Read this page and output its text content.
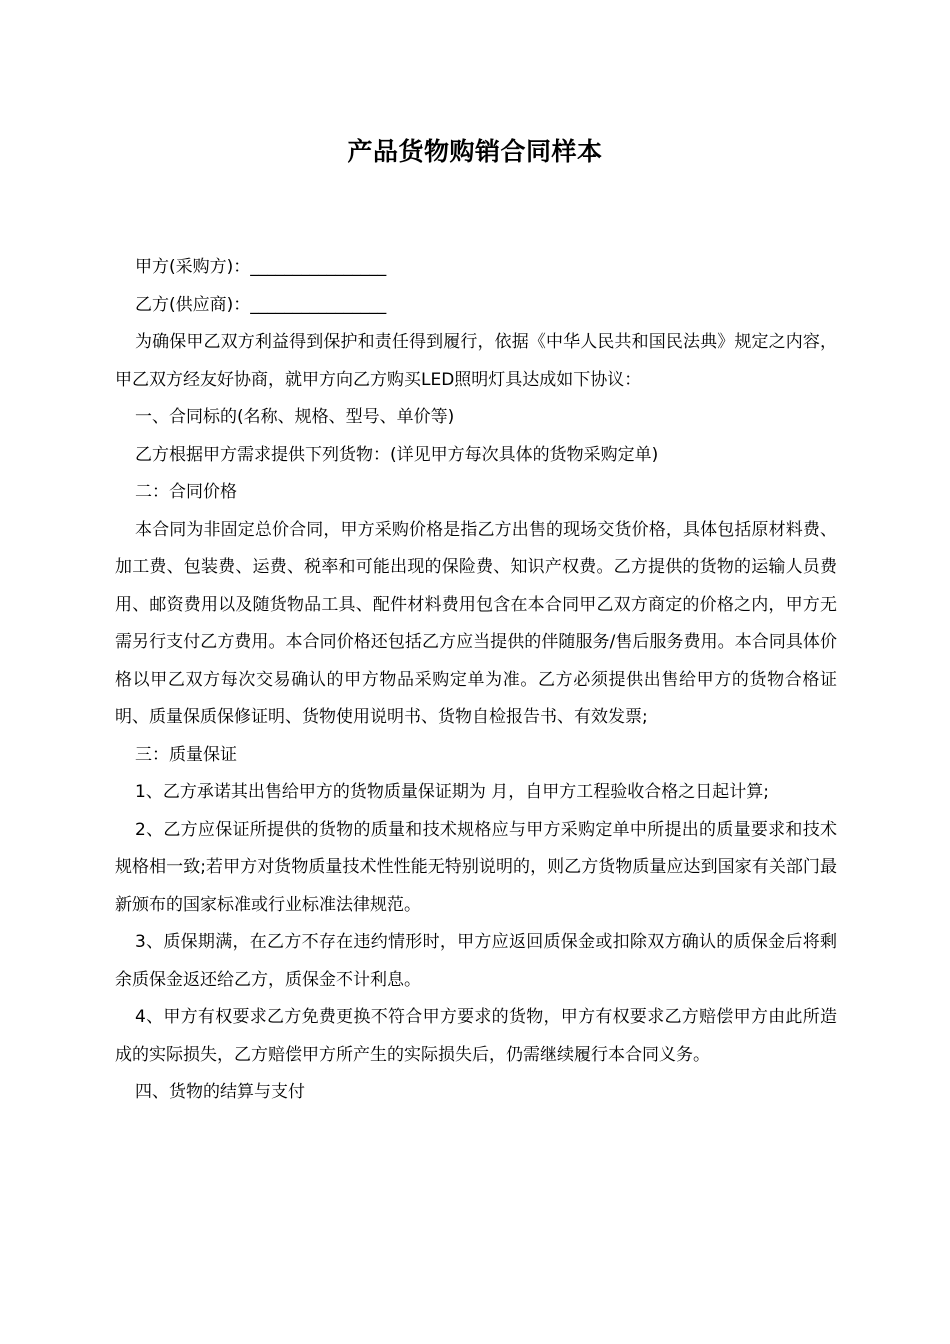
产品货物购销合同样本

甲方(采购方)：________________

乙方(供应商)：________________

为确保甲乙双方利益得到保护和责任得到履行，依据《中华人民共和国民法典》规定之内容，甲乙双方经友好协商，就甲方向乙方购买LED照明灯具达成如下协议：

一、合同标的(名称、规格、型号、单价等)

乙方根据甲方需求提供下列货物：(详见甲方每次具体的货物采购定单)

二：合同价格

本合同为非固定总价合同，甲方采购价格是指乙方出售的现场交货价格，具体包括原材料费、加工费、包装费、运费、税率和可能出现的保险费、知识产权费。乙方提供的货物的运输人员费用、邮资费用以及随货物品工具、配件材料费用包含在本合同甲乙双方商定的价格之内，甲方无需另行支付乙方费用。本合同价格还包括乙方应当提供的伴随服务/售后服务费用。本合同具体价格以甲乙双方每次交易确认的甲方物品采购定单为准。乙方必须提供出售给甲方的货物合格证明、质量保质保修证明、货物使用说明书、货物自检报告书、有效发票;

三：质量保证

1、乙方承诺其出售给甲方的货物质量保证期为 月，自甲方工程验收合格之日起计算;

2、乙方应保证所提供的货物的质量和技术规格应与甲方采购定单中所提出的质量要求和技术规格相一致;若甲方对货物质量技术性性能无特别说明的，则乙方货物质量应达到国家有关部门最新颁布的国家标准或行业标准法律规范。

3、质保期满，在乙方不存在违约情形时，甲方应返回质保金或扣除双方确认的质保金后将剩余质保金返还给乙方，质保金不计利息。

4、甲方有权要求乙方免费更换不符合甲方要求的货物，甲方有权要求乙方赔偿甲方由此所造成的实际损失，乙方赔偿甲方所产生的实际损失后，仍需继续履行本合同义务。

四、货物的结算与支付
